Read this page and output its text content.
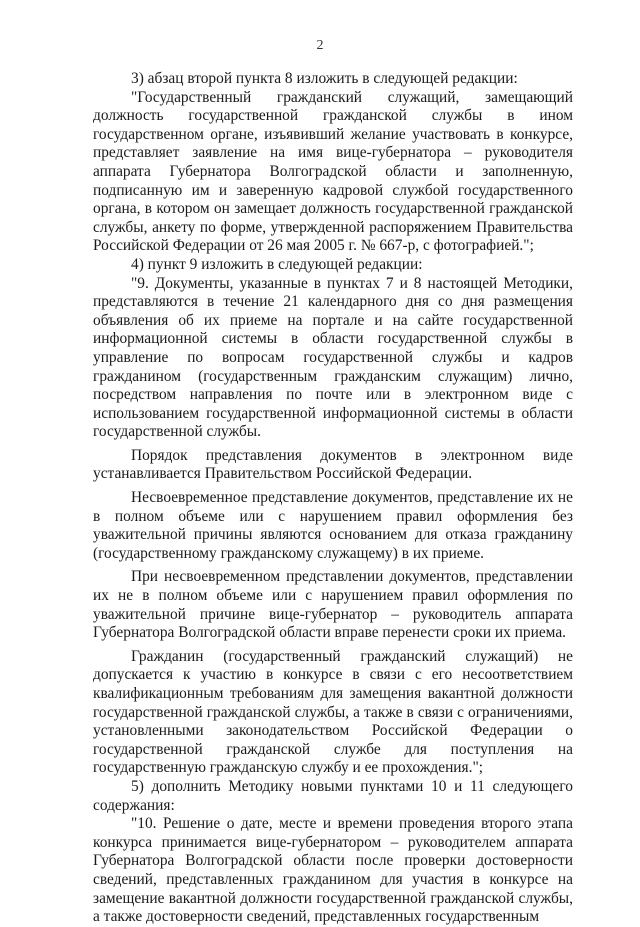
2

3) абзац второй пункта 8 изложить в следующей редакции:

"Государственный гражданский служащий, замещающий должность государственной гражданской службы в ином государственном органе, изъявивший желание участвовать в конкурсе, представляет заявление на имя вице-губернатора – руководителя аппарата Губернатора Волгоградской области и заполненную, подписанную им и заверенную кадровой службой государственного органа, в котором он замещает должность государственной гражданской службы, анкету по форме, утвержденной распоряжением Правительства Российской Федерации от 26 мая 2005 г. № 667-р, с фотографией.";

4) пункт 9 изложить в следующей редакции:

"9. Документы, указанные в пунктах 7 и 8 настоящей Методики, представляются в течение 21 календарного дня со дня размещения объявления об их приеме на портале и на сайте государственной информационной системы в области государственной службы в управление по вопросам государственной службы и кадров гражданином (государственным гражданским служащим) лично, посредством направления по почте или в электронном виде с использованием государственной информационной системы в области государственной службы.

Порядок представления документов в электронном виде устанавливается Правительством Российской Федерации.

Несвоевременное представление документов, представление их не в полном объеме или с нарушением правил оформления без уважительной причины являются основанием для отказа гражданину (государственному гражданскому служащему) в их приеме.

При несвоевременном представлении документов, представлении их не в полном объеме или с нарушением правил оформления по уважительной причине вице-губернатор – руководитель аппарата Губернатора Волгоградской области вправе перенести сроки их приема.

Гражданин (государственный гражданский служащий) не допускается к участию в конкурсе в связи с его несоответствием квалификационным требованиям для замещения вакантной должности государственной гражданской службы, а также в связи с ограничениями, установленными законодательством Российской Федерации о государственной гражданской службе для поступления на государственную гражданскую службу и ее прохождения.";

5) дополнить Методику новыми пунктами 10 и 11 следующего содержания:

"10. Решение о дате, месте и времени проведения второго этапа конкурса принимается вице-губернатором – руководителем аппарата Губернатора Волгоградской области после проверки достоверности сведений, представленных гражданином для участия в конкурсе на замещение вакантной должности государственной гражданской службы, а также достоверности сведений, представленных государственным
